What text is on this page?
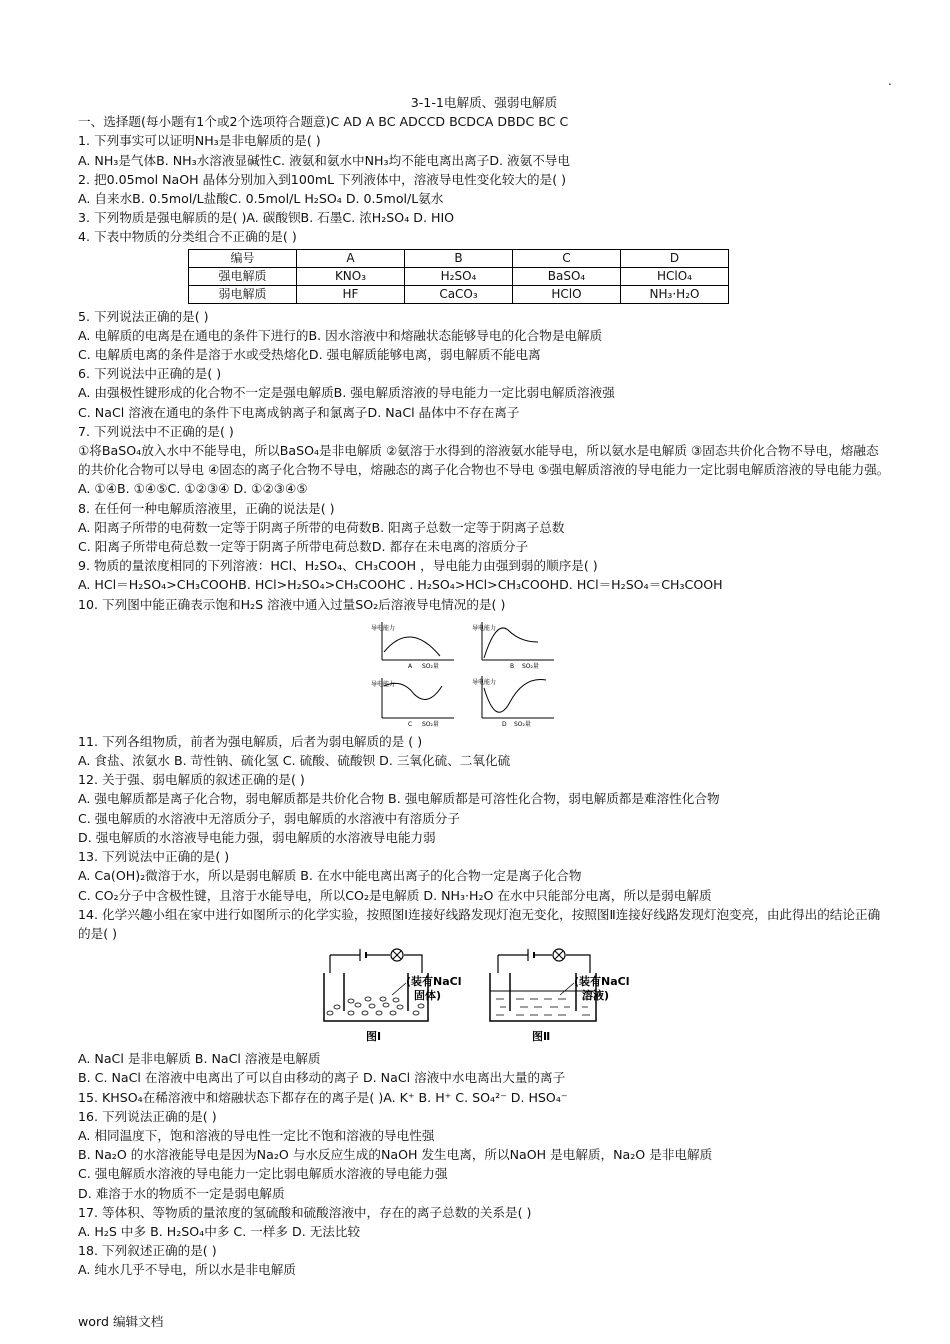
.
3-1-1电解质、强弱电解质
一、选择题(每小题有1个或2个选项符合题意)C AD A BC ADCCD BCDCA DBDC BC C
1. 下列事实可以证明NH₃是非电解质的是( )
A. NH₃是气体B. NH₃水溶液显碱性C. 液氨和氨水中NH₃均不能电离出离子D. 液氨不导电
2. 把0.05mol NaOH 晶体分别加入到100mL 下列液体中，溶液导电性变化较大的是( )
A. 自来水B. 0.5mol/L盐酸C. 0.5mol/L H₂SO₄ D. 0.5mol/L氨水
3. 下列物质是强电解质的是( )A. 碳酸钡B. 石墨C. 浓H₂SO₄ D. HIO
4. 下表中物质的分类组合不正确的是( )
编号	A	B	C	D
强电解质	KNO₃	H₂SO₄	BaSO₄	HClO₄
弱电解质	HF	CaCO₃	HClO	NH₃·H₂O
5. 下列说法正确的是( )
A. 电解质的电离是在通电的条件下进行的B. 因水溶液中和熔融状态能够导电的化合物是电解质
C. 电解质电离的条件是溶于水或受热熔化D. 强电解质能够电离，弱电解质不能电离
6. 下列说法中正确的是( )
A. 由强极性键形成的化合物不一定是强电解质B. 强电解质溶液的导电能力一定比弱电解质溶液强
C. NaCl 溶液在通电的条件下电离成钠离子和氯离子D. NaCl 晶体中不存在离子
7. 下列说法中不正确的是( )
①将BaSO₄放入水中不能导电，所以BaSO₄是非电解质 ②氨溶于水得到的溶液氨水能导电，所以氨水是电解质 ③固态共价化合物不导电，熔融态的共价化合物可以导电 ④固态的离子化合物不导电，熔融态的离子化合物也不导电 ⑤强电解质溶液的导电能力一定比弱电解质溶液的导电能力强。
A. ①④B. ①④⑤C. ①②③④ D. ①②③④⑤
8. 在任何一种电解质溶液里，正确的说法是( )
A. 阳离子所带的电荷数一定等于阴离子所带的电荷数B. 阳离子总数一定等于阴离子总数
C. 阳离子所带电荷总数一定等于阴离子所带电荷总数D. 都存在未电离的溶质分子
9. 物质的量浓度相同的下列溶液：HCl、H₂SO₄、CH₃COOH ，导电能力由强到弱的顺序是( )
A. HCl＝H₂SO₄>CH₃COOHB. HCl>H₂SO₄>CH₃COOHC . H₂SO₄>HCl>CH₃COOHD. HCl＝H₂SO₄＝CH₃COOH
10. 下列图中能正确表示饱和H₂S 溶液中通入过量SO₂后溶液导电情况的是( )
导电能力
A SO₂量
导电能力
B SO₂量
导电能力
C SO₂量
导电能力
D SO₂量
11. 下列各组物质，前者为强电解质，后者为弱电解质的是 ( )
A. 食盐、浓氨水 B. 苛性钠、硫化氢 C. 硫酸、硫酸钡 D. 三氧化硫、二氧化硫
12. 关于强、弱电解质的叙述正确的是( )
A. 强电解质都是离子化合物，弱电解质都是共价化合物 B. 强电解质都是可溶性化合物，弱电解质都是难溶性化合物
C. 强电解质的水溶液中无溶质分子，弱电解质的水溶液中有溶质分子
D. 强电解质的水溶液导电能力强，弱电解质的水溶液导电能力弱
13. 下列说法中正确的是( )
A. Ca(OH)₂微溶于水，所以是弱电解质 B. 在水中能电离出离子的化合物一定是离子化合物
C. CO₂分子中含极性键，且溶于水能导电，所以CO₂是电解质 D. NH₃·H₂O 在水中只能部分电离，所以是弱电解质
14. 化学兴趣小组在家中进行如图所示的化学实验，按照图Ⅰ连接好线路发现灯泡无变化，按照图Ⅱ连接好线路发现灯泡变亮，由此得出的结论正确的是( )
(装有NaCl
固体)
图Ⅰ
(装有NaCl
溶液)
图Ⅱ
A. NaCl 是非电解质 B. NaCl 溶液是电解质
B. C. NaCl 在溶液中电离出了可以自由移动的离子 D. NaCl 溶液中水电离出大量的离子
15. KHSO₄在稀溶液中和熔融状态下都存在的离子是( )A. K⁺ B. H⁺ C. SO₄²⁻ D. HSO₄⁻
16. 下列说法正确的是( )
A. 相同温度下，饱和溶液的导电性一定比不饱和溶液的导电性强
B. Na₂O 的水溶液能导电是因为Na₂O 与水反应生成的NaOH 发生电离，所以NaOH 是电解质，Na₂O 是非电解质
C. 强电解质水溶液的导电能力一定比弱电解质水溶液的导电能力强
D. 难溶于水的物质不一定是弱电解质
17. 等体积、等物质的量浓度的氢硫酸和硫酸溶液中，存在的离子总数的关系是( )
A. H₂S 中多 B. H₂SO₄中多 C. 一样多 D. 无法比较
18. 下列叙述正确的是( )
A. 纯水几乎不导电，所以水是非电解质
word 编辑文档
